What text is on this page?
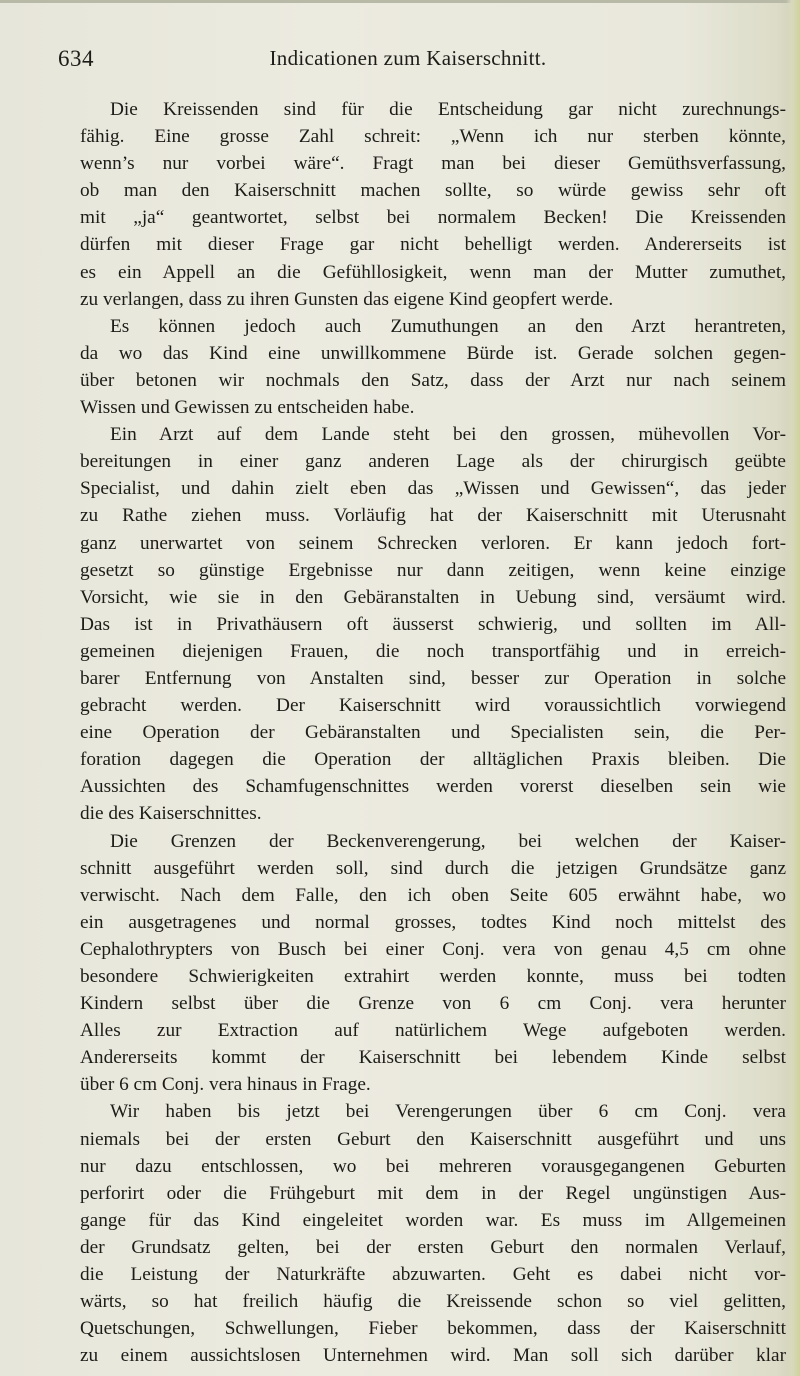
634	Indicationen zum Kaiserschnitt.
Die Kreissenden sind für die Entscheidung gar nicht zurechnungs-
fähig. Eine grosse Zahl schreit: „Wenn ich nur sterben könnte,
wenn’s nur vorbei wäre“. Fragt man bei dieser Gemüthsverfassung,
ob man den Kaiserschnitt machen sollte, so würde gewiss sehr oft
mit „ja“ geantwortet, selbst bei normalem Becken! Die Kreissenden
dürfen mit dieser Frage gar nicht behelligt werden. Andererseits ist
es ein Appell an die Gefühllosigkeit, wenn man der Mutter zumuthet,
zu verlangen, dass zu ihren Gunsten das eigene Kind geopfert werde.
Es können jedoch auch Zumuthungen an den Arzt herantreten,
da wo das Kind eine unwillkommene Bürde ist. Gerade solchen gegen-
über betonen wir nochmals den Satz, dass der Arzt nur nach seinem
Wissen und Gewissen zu entscheiden habe.
Ein Arzt auf dem Lande steht bei den grossen, mühevollen Vor-
bereitungen in einer ganz anderen Lage als der chirurgisch geübte
Specialist, und dahin zielt eben das „Wissen und Gewissen“, das jeder
zu Rathe ziehen muss. Vorläufig hat der Kaiserschnitt mit Uterusnaht
ganz unerwartet von seinem Schrecken verloren. Er kann jedoch fort-
gesetzt so günstige Ergebnisse nur dann zeitigen, wenn keine einzige
Vorsicht, wie sie in den Gebäranstalten in Uebung sind, versäumt wird.
Das ist in Privathäusern oft äusserst schwierig, und sollten im All-
gemeinen diejenigen Frauen, die noch transportfähig und in erreich-
barer Entfernung von Anstalten sind, besser zur Operation in solche
gebracht werden. Der Kaiserschnitt wird voraussichtlich vorwiegend
eine Operation der Gebäranstalten und Specialisten sein, die Per-
foration dagegen die Operation der alltäglichen Praxis bleiben. Die
Aussichten des Schamfugenschnittes werden vorerst dieselben sein wie
die des Kaiserschnittes.
Die Grenzen der Beckenverengerung, bei welchen der Kaiser-
schnitt ausgeführt werden soll, sind durch die jetzigen Grundsätze ganz
verwischt. Nach dem Falle, den ich oben Seite 605 erwähnt habe, wo
ein ausgetragenes und normal grosses, todtes Kind noch mittelst des
Cephalothrypters von Busch bei einer Conj. vera von genau 4,5 cm ohne
besondere Schwierigkeiten extrahirt werden konnte, muss bei todten
Kindern selbst über die Grenze von 6 cm Conj. vera herunter
Alles zur Extraction auf natürlichem Wege aufgeboten werden.
Andererseits kommt der Kaiserschnitt bei lebendem Kinde selbst
über 6 cm Conj. vera hinaus in Frage.
Wir haben bis jetzt bei Verengerungen über 6 cm Conj. vera
niemals bei der ersten Geburt den Kaiserschnitt ausgeführt und uns
nur dazu entschlossen, wo bei mehreren vorausgegangenen Geburten
perforirt oder die Frühgeburt mit dem in der Regel ungünstigen Aus-
gange für das Kind eingeleitet worden war. Es muss im Allgemeinen
der Grundsatz gelten, bei der ersten Geburt den normalen Verlauf,
die Leistung der Naturkräfte abzuwarten. Geht es dabei nicht vor-
wärts, so hat freilich häufig die Kreissende schon so viel gelitten,
Quetschungen, Schwellungen, Fieber bekommen, dass der Kaiserschnitt
zu einem aussichtslosen Unternehmen wird. Man soll sich darüber klar
